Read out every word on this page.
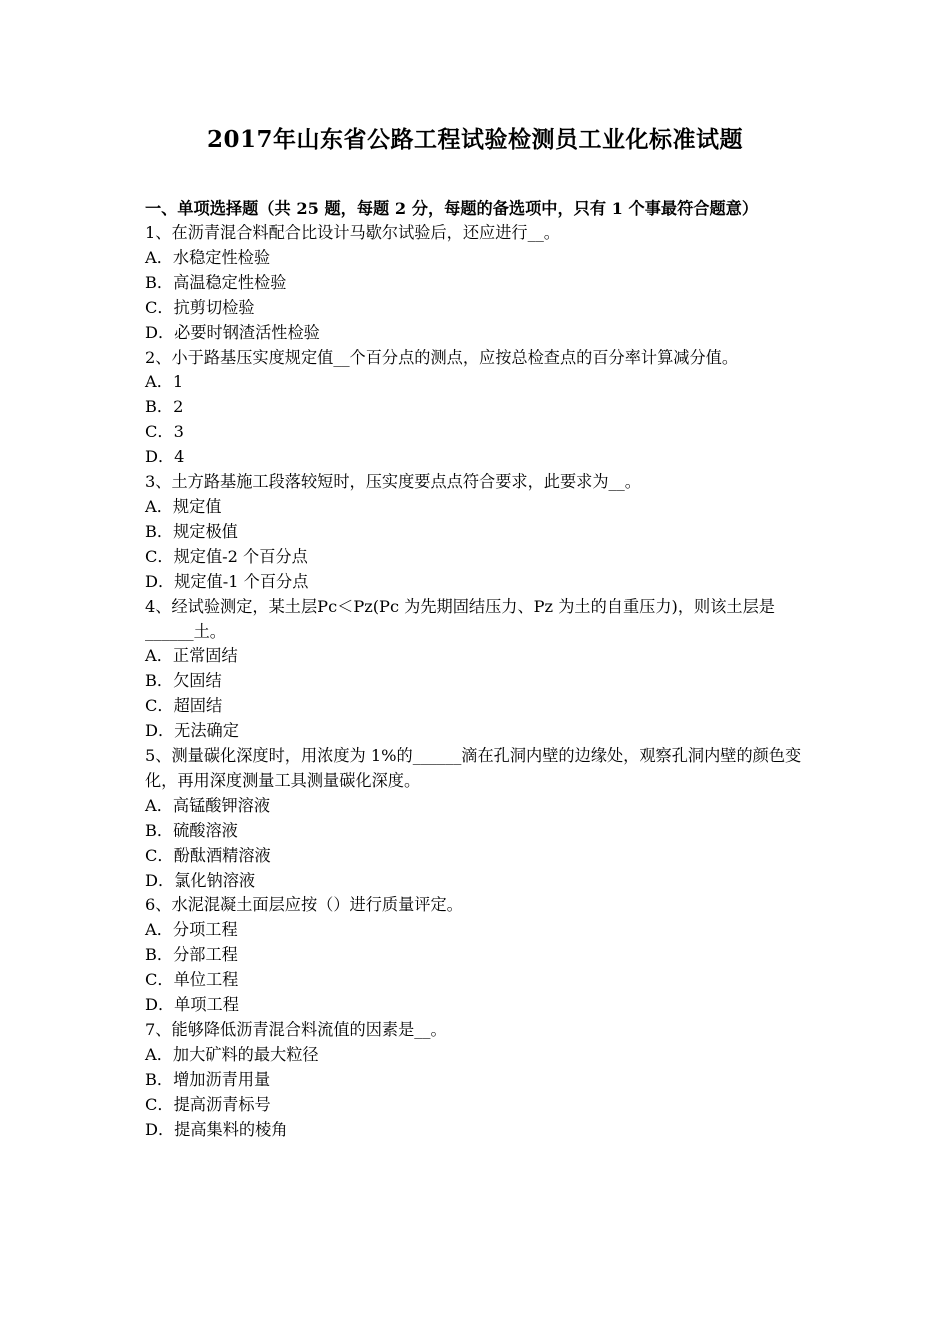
2017年山东省公路工程试验检测员工业化标准试题
一、单项选择题（共 25 题，每题 2 分，每题的备选项中，只有 1 个事最符合题意）
1、在沥青混合料配合比设计马歇尔试验后，还应进行__。
A．水稳定性检验
B．高温稳定性检验
C．抗剪切检验
D．必要时钢渣活性检验
2、小于路基压实度规定值__个百分点的测点，应按总检查点的百分率计算减分值。
A．1
B．2
C．3
D．4
3、土方路基施工段落较短时，压实度要点点符合要求，此要求为__。
A．规定值
B．规定极值
C．规定值-2 个百分点
D．规定值-1 个百分点
4、经试验测定，某土层Pc＜Pz(Pc 为先期固结压力、Pz 为土的自重压力)，则该土层是______土。
A．正常固结
B．欠固结
C．超固结
D．无法确定
5、测量碳化深度时，用浓度为 1%的______滴在孔洞内壁的边缘处，观察孔洞内壁的颜色变化，再用深度测量工具测量碳化深度。
A．高锰酸钾溶液
B．硫酸溶液
C．酚酞酒精溶液
D．氯化钠溶液
6、水泥混凝土面层应按（）进行质量评定。
A．分项工程
B．分部工程
C．单位工程
D．单项工程
7、能够降低沥青混合料流值的因素是__。
A．加大矿料的最大粒径
B．增加沥青用量
C．提高沥青标号
D．提高集料的棱角
